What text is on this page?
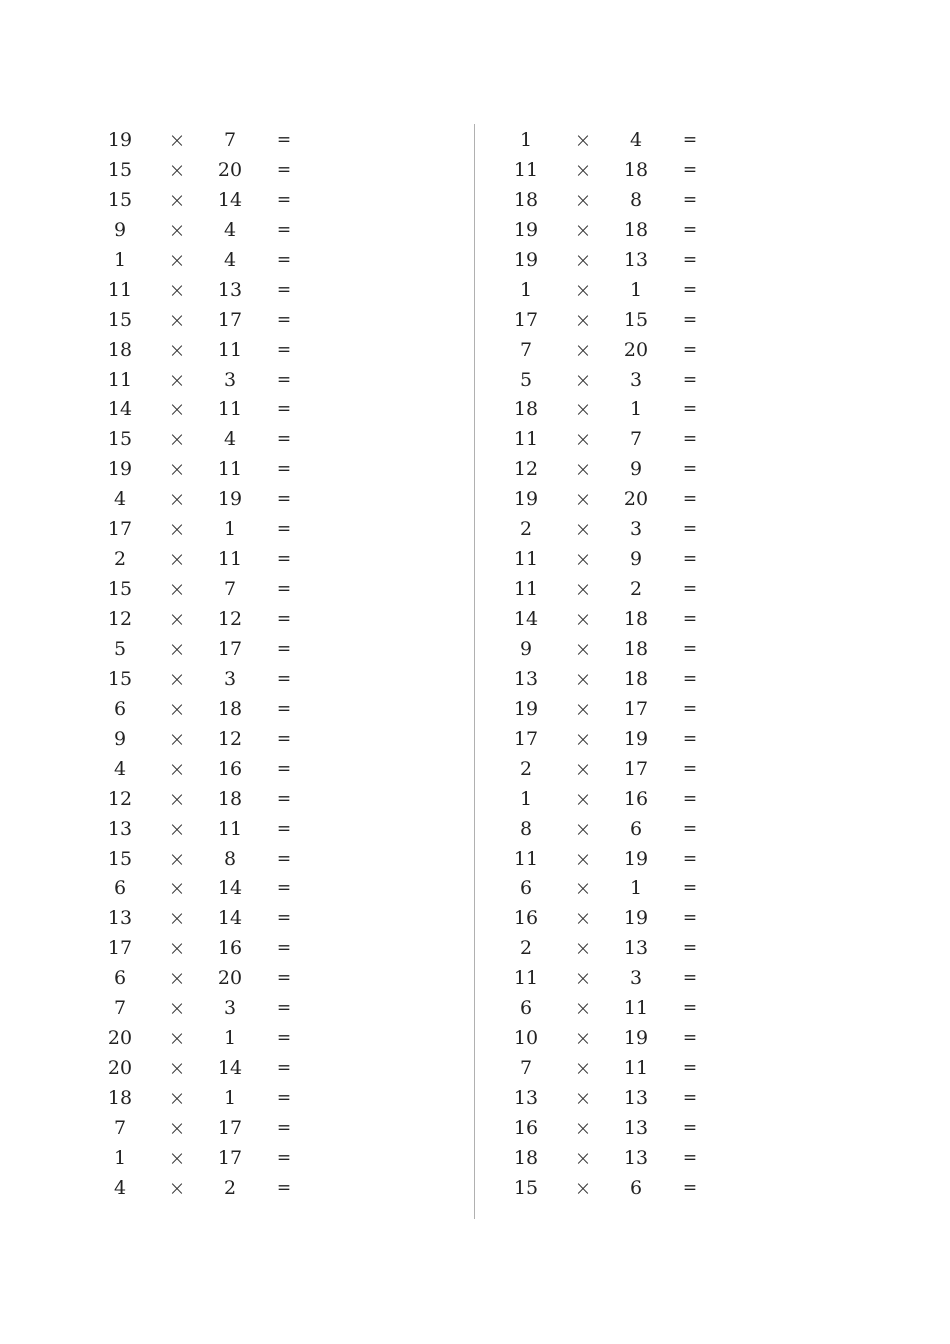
19	×	7	=
15	×	20	=
15	×	14	=
9	×	4	=
1	×	4	=
11	×	13	=
15	×	17	=
18	×	11	=
11	×	3	=
14	×	11	=
15	×	4	=
19	×	11	=
4	×	19	=
17	×	1	=
2	×	11	=
15	×	7	=
12	×	12	=
5	×	17	=
15	×	3	=
6	×	18	=
9	×	12	=
4	×	16	=
12	×	18	=
13	×	11	=
15	×	8	=
6	×	14	=
13	×	14	=
17	×	16	=
6	×	20	=
7	×	3	=
20	×	1	=
20	×	14	=
18	×	1	=
7	×	17	=
1	×	17	=
4	×	2	=
1	×	4	=
11	×	18	=
18	×	8	=
19	×	18	=
19	×	13	=
1	×	1	=
17	×	15	=
7	×	20	=
5	×	3	=
18	×	1	=
11	×	7	=
12	×	9	=
19	×	20	=
2	×	3	=
11	×	9	=
11	×	2	=
14	×	18	=
9	×	18	=
13	×	18	=
19	×	17	=
17	×	19	=
2	×	17	=
1	×	16	=
8	×	6	=
11	×	19	=
6	×	1	=
16	×	19	=
2	×	13	=
11	×	3	=
6	×	11	=
10	×	19	=
7	×	11	=
13	×	13	=
16	×	13	=
18	×	13	=
15	×	6	=
